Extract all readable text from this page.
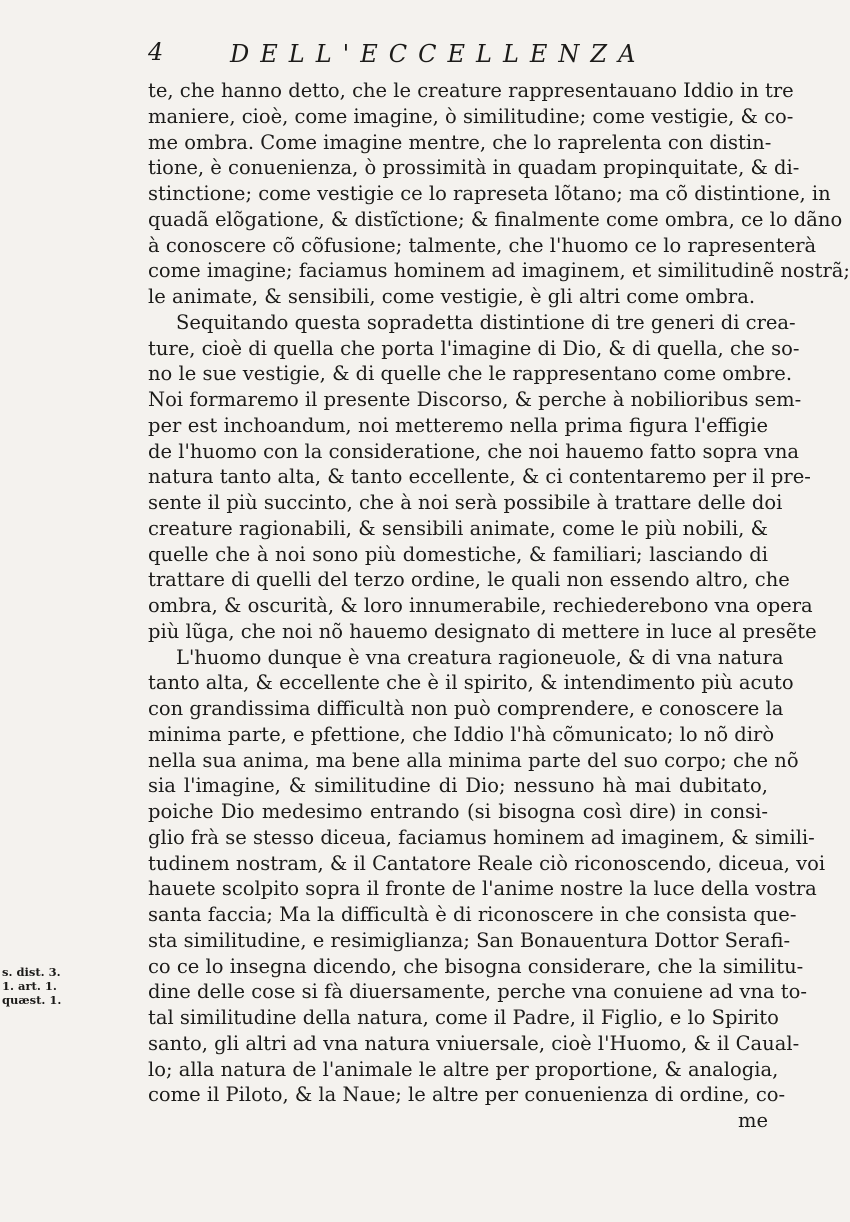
4	DELL'ECCELLENZA
s. dist. 3.
1. art. 1.
quæst. 1.
te, che hanno detto, che le creature rappresentauano Iddio in tre
maniere, cioè, come imagine, ò similitudine; come vestigie, & co-
me ombra. Come imagine mentre, che lo raprelenta con distin-
tione, è conuenienza, ò prossimità in quadam propinquitate, & di-
stinctione; come vestigie ce lo rapreseta lõtano; ma cõ distintione, in
quadã elõgatione, & distĩctione; & finalmente come ombra, ce lo dãno
à conoscere cõ cõfusione; talmente, che l'huomo ce lo rapresenterà
come imagine; faciamus hominem ad imaginem, et similitudinẽ nostrã;
le animate, & sensibili, come vestigie, è gli altri come ombra.
Sequitando questa sopradetta distintione di tre generi di crea-
ture, cioè di quella che porta l'imagine di Dio, & di quella, che so-
no le sue vestigie, & di quelle che le rappresentano come ombre.
Noi formaremo il presente Discorso, & perche à nobilioribus sem-
per est inchoandum, noi metteremo nella prima figura l'effigie
de l'huomo con la consideratione, che noi hauemo fatto sopra vna
natura tanto alta, & tanto eccellente, & ci contentaremo per il pre-
sente il più succinto, che à noi serà possibile à trattare delle doi
creature ragionabili, & sensibili animate, come le più nobili, &
quelle che à noi sono più domestiche, & familiari; lasciando di
trattare di quelli del terzo ordine, le quali non essendo altro, che
ombra, & oscurità, & loro innumerabile, rechiederebono vna opera
più lũga, che noi nõ hauemo designato di mettere in luce al presẽte
L'huomo dunque è vna creatura ragioneuole, & di vna natura
tanto alta, & eccellente che è il spirito, & intendimento più acuto
con grandissima difficultà non può comprendere, e conoscere la
minima parte, e pfettione, che Iddio l'hà cõmunicato; lo nõ dirò
nella sua anima, ma bene alla minima parte del suo corpo; che nõ
sia l'imagine, & similitudine di Dio; nessuno hà mai dubitato,
poiche Dio medesimo entrando (si bisogna così dire) in consi-
glio frà se stesso diceua, faciamus hominem ad imaginem, & simili-
tudinem nostram, & il Cantatore Reale ciò riconoscendo, diceua, voi
hauete scolpito sopra il fronte de l'anime nostre la luce della vostra
santa faccia; Ma la difficultà è di riconoscere in che consista que-
sta similitudine, e resimiglianza; San Bonauentura Dottor Serafi-
co ce lo insegna dicendo, che bisogna considerare, che la similitu-
dine delle cose si fà diuersamente, perche vna conuiene ad vna to-
tal similitudine della natura, come il Padre, il Figlio, e lo Spirito
santo, gli altri ad vna natura vniuersale, cioè l'Huomo, & il Caual-
lo; alla natura de l'animale le altre per proportione, & analogia,
come il Piloto, & la Naue; le altre per conuenienza di ordine, co-
me
